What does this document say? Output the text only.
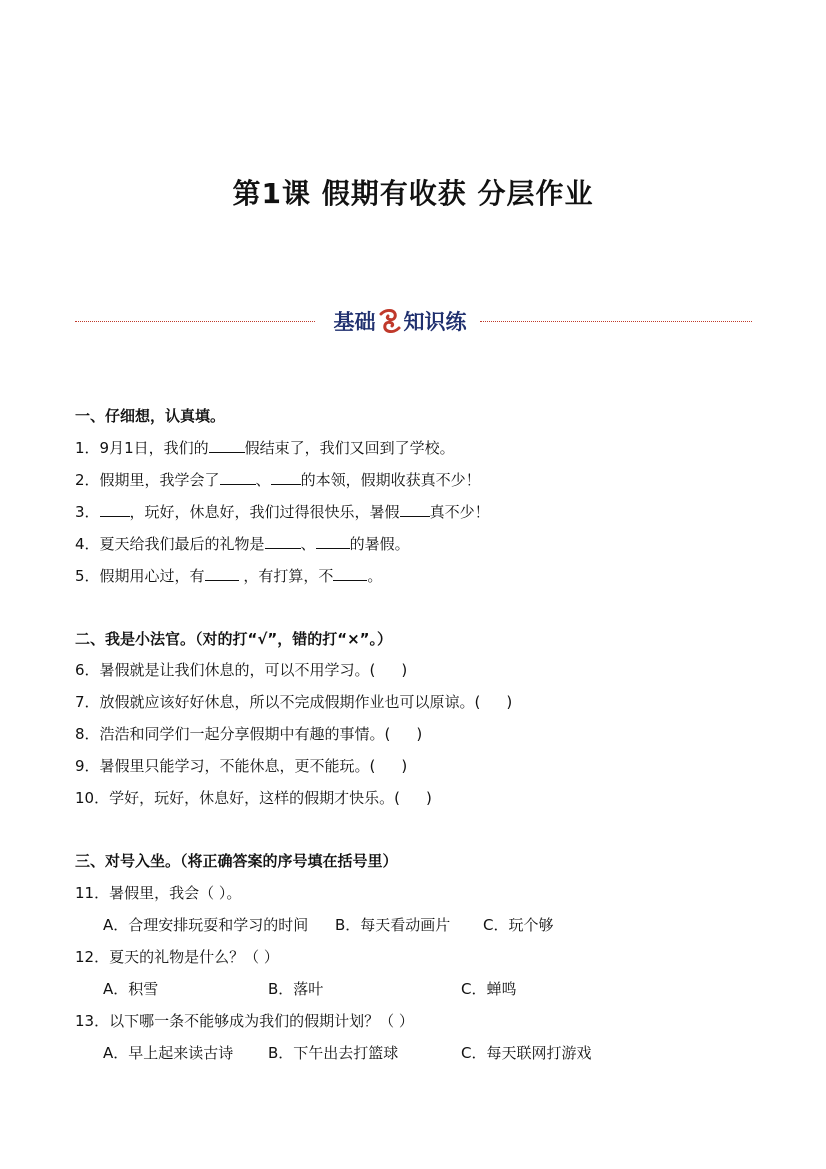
第1课 假期有收获 分层作业
基础 知识练
一、仔细想，认真填。
1．9月1日，我们的 假结束了，我们又回到了学校。
2．假期里，我学会了 、 的本领，假期收获真不少！
3． ，玩好，休息好，我们过得很快乐，暑假 真不少！
4．夏天给我们最后的礼物是 、 的暑假。
5．假期用心过，有 ，有打算，不 。
二、我是小法官。（对的打“√”，错的打“×”。）
6．暑假就是让我们休息的，可以不用学习。( )
7．放假就应该好好休息，所以不完成假期作业也可以原谅。( )
8．浩浩和同学们一起分享假期中有趣的事情。( )
9．暑假里只能学习，不能休息，更不能玩。( )
10．学好，玩好，休息好，这样的假期才快乐。( )
三、对号入坐。（将正确答案的序号填在括号里）
11．暑假里，我会（ ）。
A．合理安排玩耍和学习的时间 B．每天看动画片 C．玩个够
12．夏天的礼物是什么？（ ）
A．积雪	B．落叶	C．蝉鸣
13．以下哪一条不能够成为我们的假期计划？（ ）
A．早上起来读古诗 B．下午出去打篮球	C．每天联网打游戏
